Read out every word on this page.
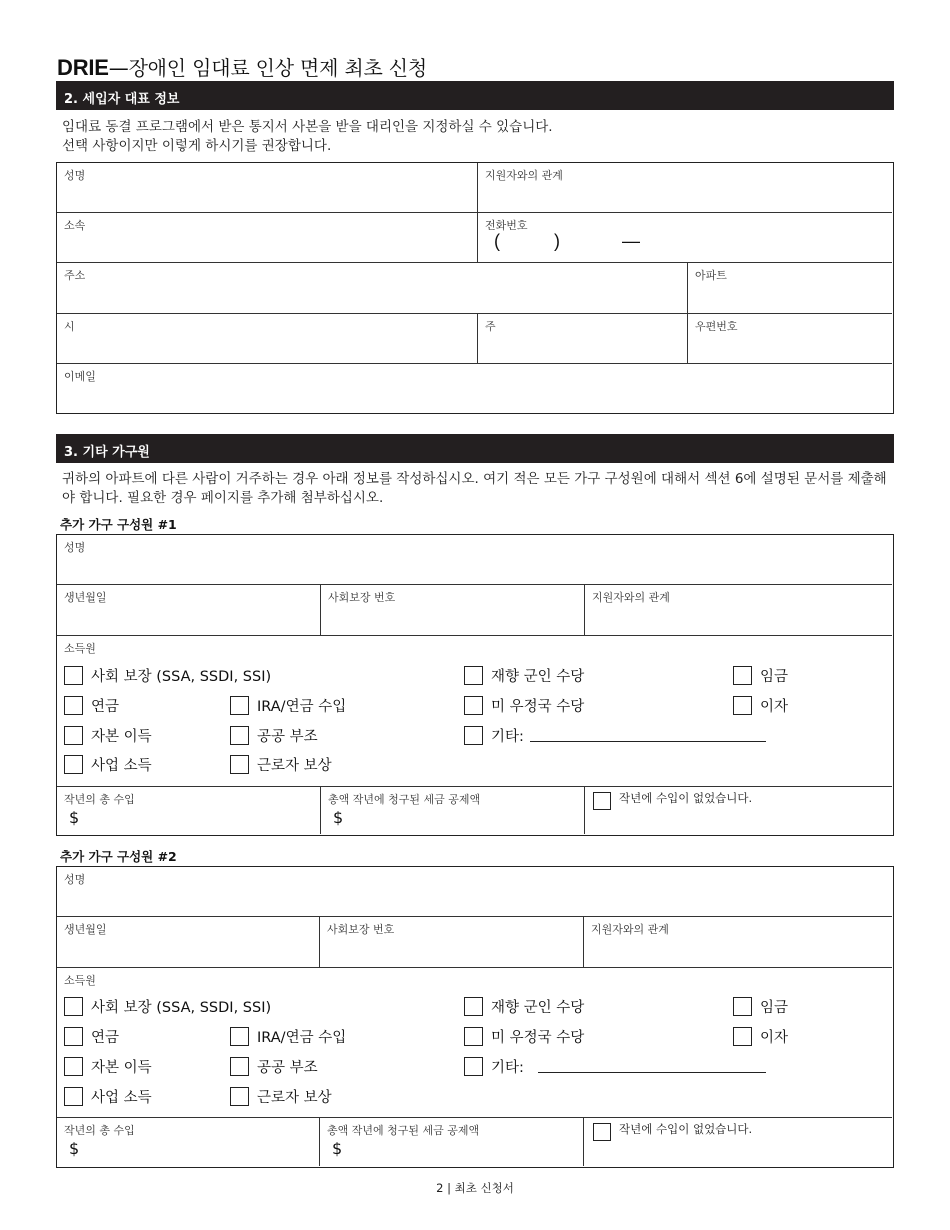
DRIE—장애인 임대료 인상 면제 최초 신청
2. 세입자 대표 정보
임대료 동결 프로그램에서 받은 통지서 사본을 받을 대리인을 지정하실 수 있습니다.
선택 사항이지만 이렇게 하시기를 권장합니다.
성명	지원자와의 관계
소속	전화번호
(	)	—
주소	아파트
시	주	우편번호
이메일
3. 기타 가구원
귀하의 아파트에 다른 사람이 거주하는 경우 아래 정보를 작성하십시오. 여기 적은 모든 가구 구성원에 대해서 섹션 6에 설명된 문서를 제출해야 합니다. 필요한 경우 페이지를 추가해 첨부하십시오.
추가 가구 구성원 #1
성명
생년월일	사회보장 번호	지원자와의 관계
소득원
사회 보장 (SSA, SSDI, SSI)	재향 군인 수당	임금
연금	IRA/연금 수입	미 우정국 수당	이자
자본 이득	공공 부조	기타:
사업 소득	근로자 보상
작년의 총 수입
$
총액 작년에 청구된 세금 공제액
$
작년에 수입이 없었습니다.
추가 가구 구성원 #2
성명
생년월일	사회보장 번호	지원자와의 관계
소득원
사회 보장 (SSA, SSDI, SSI)	재향 군인 수당	임금
연금	IRA/연금 수입	미 우정국 수당	이자
자본 이득	공공 부조	기타:
사업 소득	근로자 보상
작년의 총 수입
$
총액 작년에 청구된 세금 공제액
$
작년에 수입이 없었습니다.
2 | 최초 신청서
